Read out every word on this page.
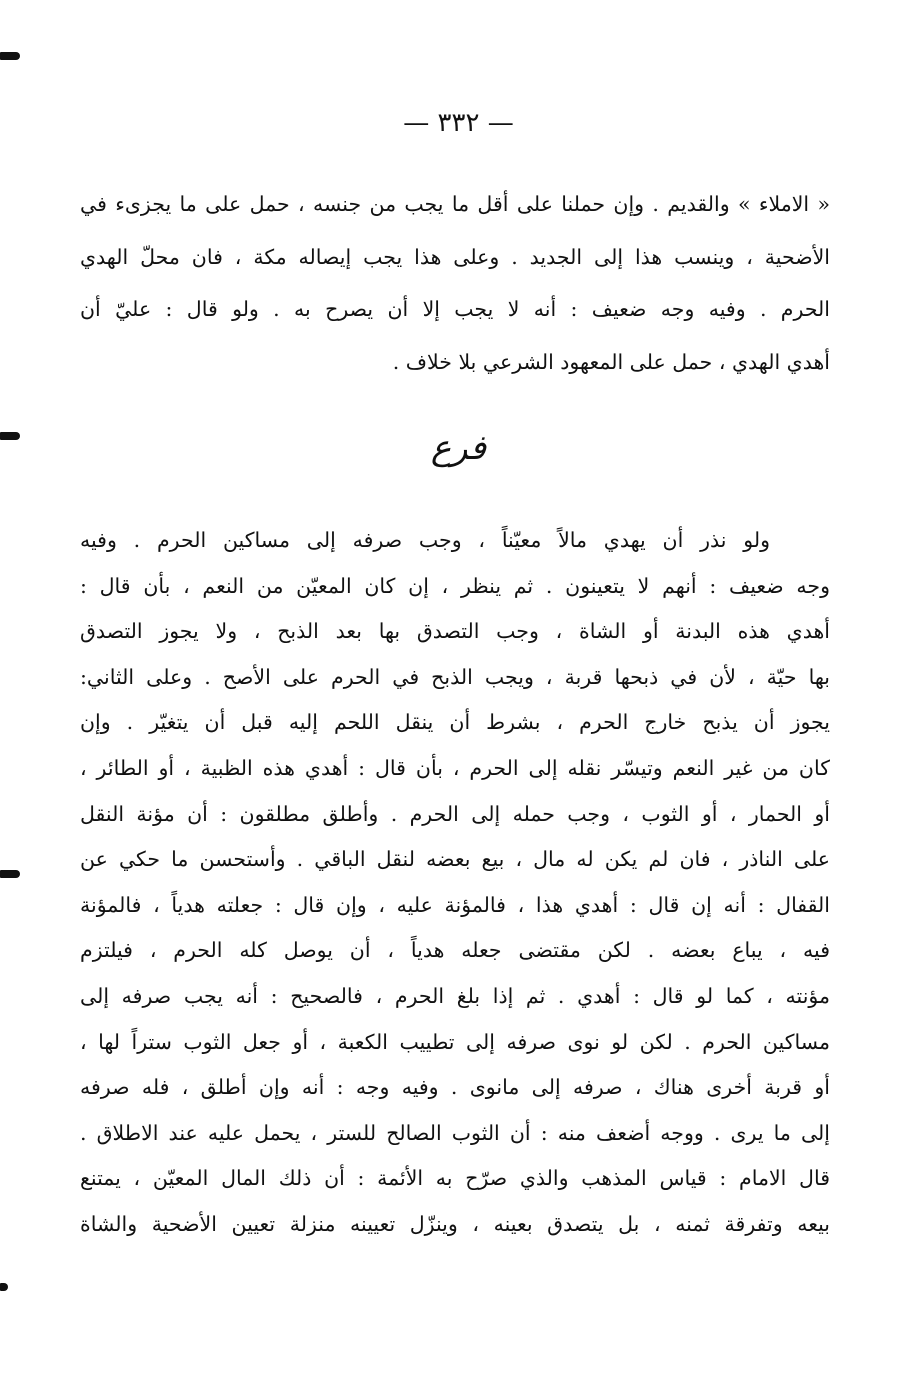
— ٣٣٢ —
« الاملاء » والقديم . وإن حملنا على أقل ما يجب من جنسه ، حمل على ما يجزىء في
الأضحية ، وينسب هذا إلى الجديد . وعلى هذا يجب إيصاله مكة ، فان محلّ الهدي
الحرم . وفيه وجه ضعيف : أنه لا يجب إلا أن يصرح به . ولو قال : عليّ أن
أهدي الهدي ، حمل على المعهود الشرعي بلا خلاف .
فرع
ولو نذر أن يهدي مالاً معيّناً ، وجب صرفه إلى مساكين الحرم . وفيه
وجه ضعيف : أنهم لا يتعينون . ثم ينظر ، إن كان المعيّن من النعم ، بأن قال :
أهدي هذه البدنة أو الشاة ، وجب التصدق بها بعد الذبح ، ولا يجوز التصدق
بها حيّة ، لأن في ذبحها قربة ، ويجب الذبح في الحرم على الأصح . وعلى الثاني:
يجوز أن يذبح خارج الحرم ، بشرط أن ينقل اللحم إليه قبل أن يتغيّر . وإن
كان من غير النعم وتيسّر نقله إلى الحرم ، بأن قال : أهدي هذه الظبية ، أو الطائر ،
أو الحمار ، أو الثوب ، وجب حمله إلى الحرم . وأطلق مطلقون : أن مؤنة النقل
على الناذر ، فان لم يكن له مال ، بيع بعضه لنقل الباقي . وأستحسن ما حكي عن
القفال : أنه إن قال : أهدي هذا ، فالمؤنة عليه ، وإن قال : جعلته هدياً ، فالمؤنة
فيه ، يباع بعضه . لكن مقتضى جعله هدياً ، أن يوصل كله الحرم ، فيلتزم
مؤنته ، كما لو قال : أهدي . ثم إذا بلغ الحرم ، فالصحيح : أنه يجب صرفه إلى
مساكين الحرم . لكن لو نوى صرفه إلى تطييب الكعبة ، أو جعل الثوب ستراً لها ،
أو قربة أخرى هناك ، صرفه إلى مانوى . وفيه وجه : أنه وإن أطلق ، فله صرفه
إلى ما يرى . ووجه أضعف منه : أن الثوب الصالح للستر ، يحمل عليه عند الاطلاق .
قال الامام : قياس المذهب والذي صرّح به الأئمة : أن ذلك المال المعيّن ، يمتنع
بيعه وتفرقة ثمنه ، بل يتصدق بعينه ، وينزّل تعيينه منزلة تعيين الأضحية والشاة
